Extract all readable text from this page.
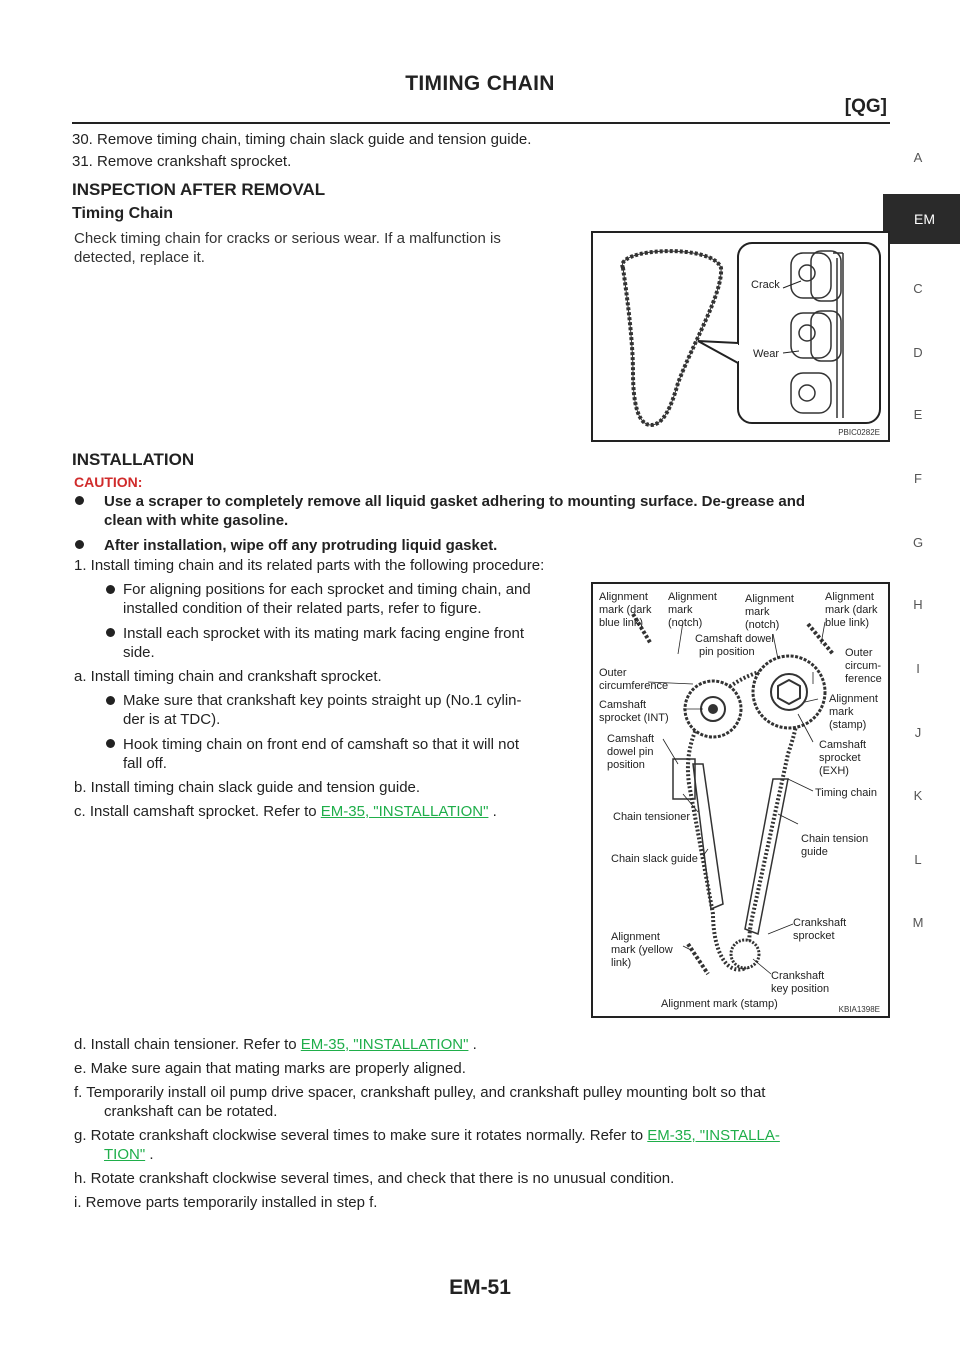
TIMING CHAIN
[QG]
EM
A
C
D
E
F
G
H
I
J
K
L
M
30. Remove timing chain, timing chain slack guide and tension guide.
31. Remove crankshaft sprocket.
INSPECTION AFTER REMOVAL
Timing Chain
Check timing chain for cracks or serious wear. If a malfunction is
detected, replace it.
Crack
Wear
PBIC0282E
INSTALLATION
CAUTION:
Use a scraper to completely remove all liquid gasket adhering to mounting surface. De-grease and
clean with white gasoline.
After installation, wipe off any protruding liquid gasket.
1. Install timing chain and its related parts with the following procedure:
For aligning positions for each sprocket and timing chain, and
installed condition of their related parts, refer to figure.
Install each sprocket with its mating mark facing engine front
side.
a. Install timing chain and crankshaft sprocket.
Make sure that crankshaft key points straight up (No.1 cylin-
der is at TDC).
Hook timing chain on front end of camshaft so that it will not
fall off.
b. Install timing chain slack guide and tension guide.
c. Install camshaft sprocket. Refer to EM-35, "INSTALLATION" .
Alignment
mark (dark
blue link)
Alignment
mark
(notch)
Alignment
mark
(notch)
Alignment
mark (dark
blue link)
Camshaft dowel
pin position
Outer
circumference
Outer
circum-
ference
Camshaft
sprocket (INT)
Alignment
mark
(stamp)
Camshaft
sprocket
(EXH)
Camshaft
dowel pin
position
Timing chain
Chain tensioner
Chain tension
guide
Chain slack guide
Crankshaft
sprocket
Alignment
mark (yellow
link)
Crankshaft
key position
Alignment mark (stamp)	KBIA1398E
d. Install chain tensioner. Refer to EM-35, "INSTALLATION" .
e. Make sure again that mating marks are properly aligned.
f. Temporarily install oil pump drive spacer, crankshaft pulley, and crankshaft pulley mounting bolt so that
crankshaft can be rotated.
g. Rotate crankshaft clockwise several times to make sure it rotates normally. Refer to EM-35, "INSTALLA-
TION" .
h. Rotate crankshaft clockwise several times, and check that there is no unusual condition.
i. Remove parts temporarily installed in step f.
EM-51
